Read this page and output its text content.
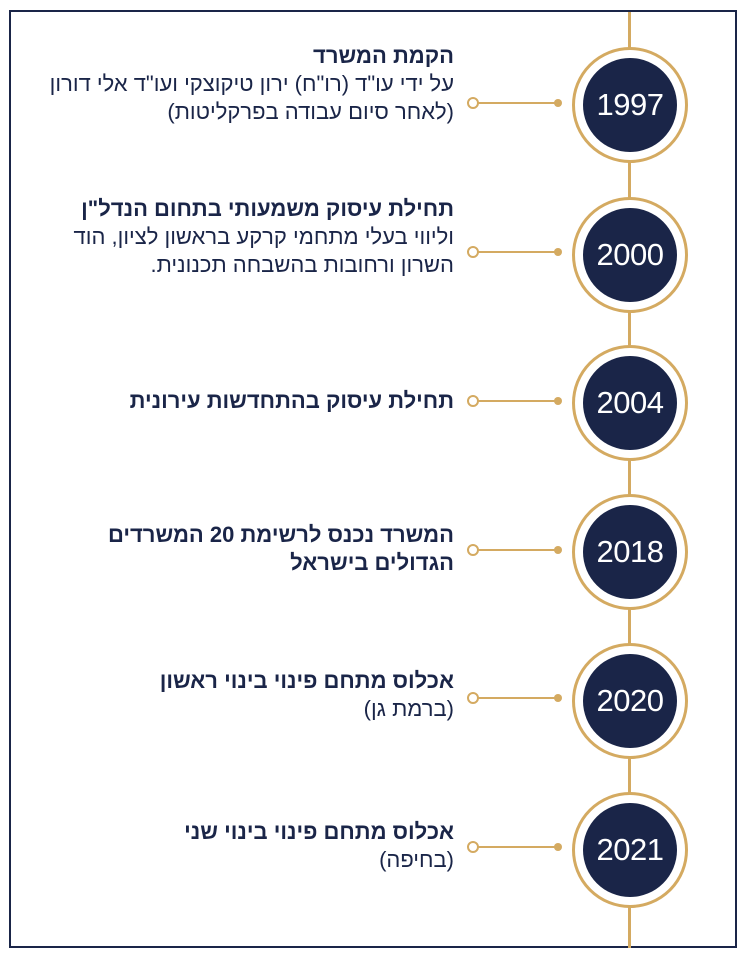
1997
הקמת המשרד
על ידי עו"ד (רו"ח) ירון טיקוצקי ועו"ד אלי דורון (לאחר סיום עבודה בפרקליטות)
2000
תחילת עיסוק משמעותי בתחום הנדל"ן
וליווי בעלי מתחמי קרקע בראשון לציון, הוד השרון ורחובות בהשבחה תכנונית.
2004
תחילת עיסוק בהתחדשות עירונית
2018
המשרד נכנס לרשימת 20 המשרדים הגדולים בישראל
2020
אכלוס מתחם פינוי בינוי ראשון
(ברמת גן)
2021
אכלוס מתחם פינוי בינוי שני
(בחיפה)
